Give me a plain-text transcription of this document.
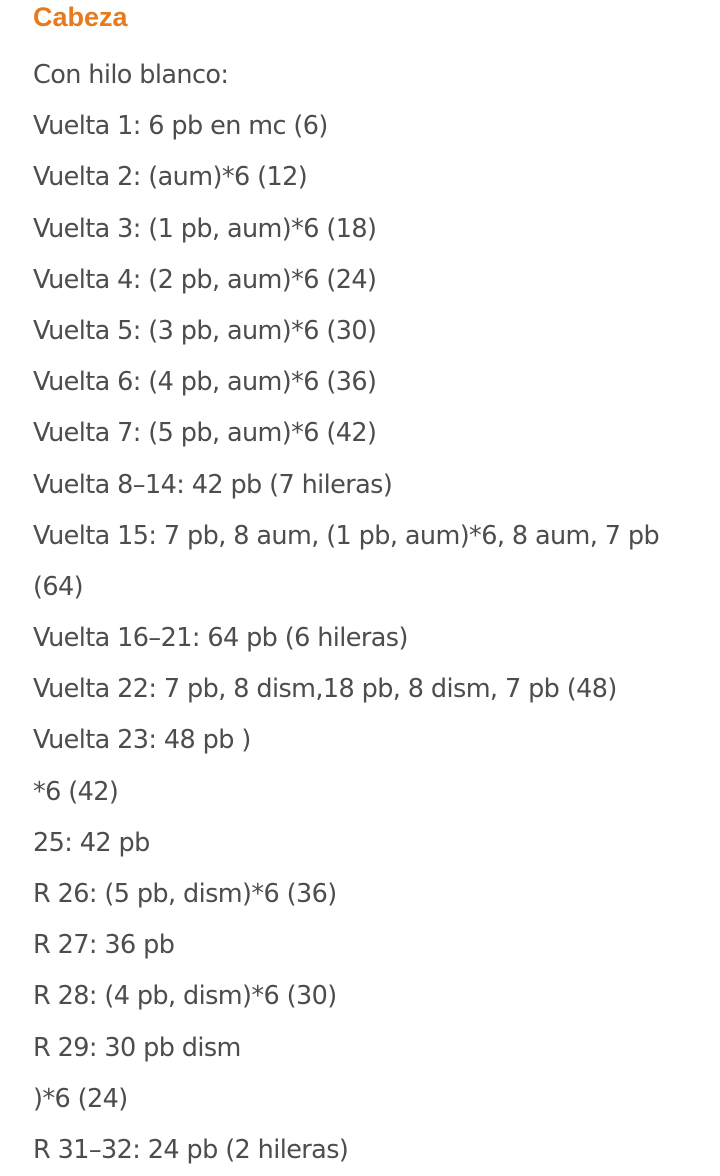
Cabeza
Con hilo blanco:
Vuelta 1: 6 pb en mc (6)
Vuelta 2: (aum)*6 (12)
Vuelta 3: (1 pb, aum)*6 (18)
Vuelta 4: (2 pb, aum)*6 (24)
Vuelta 5: (3 pb, aum)*6 (30)
Vuelta 6: (4 pb, aum)*6 (36)
Vuelta 7: (5 pb, aum)*6 (42)
Vuelta 8–14: 42 pb (7 hileras)
Vuelta 15: 7 pb, 8 aum, (1 pb, aum)*6, 8 aum, 7 pb (64)
Vuelta 16–21: 64 pb (6 hileras)
Vuelta 22: 7 pb, 8 dism,18 pb, 8 dism, 7 pb (48)
Vuelta 23: 48 pb )
*6 (42)
25: 42 pb
R 26: (5 pb, dism)*6 (36)
R 27: 36 pb
R 28: (4 pb, dism)*6 (30)
R 29: 30 pb dism
)*6 (24)
R 31–32: 24 pb (2 hileras)
